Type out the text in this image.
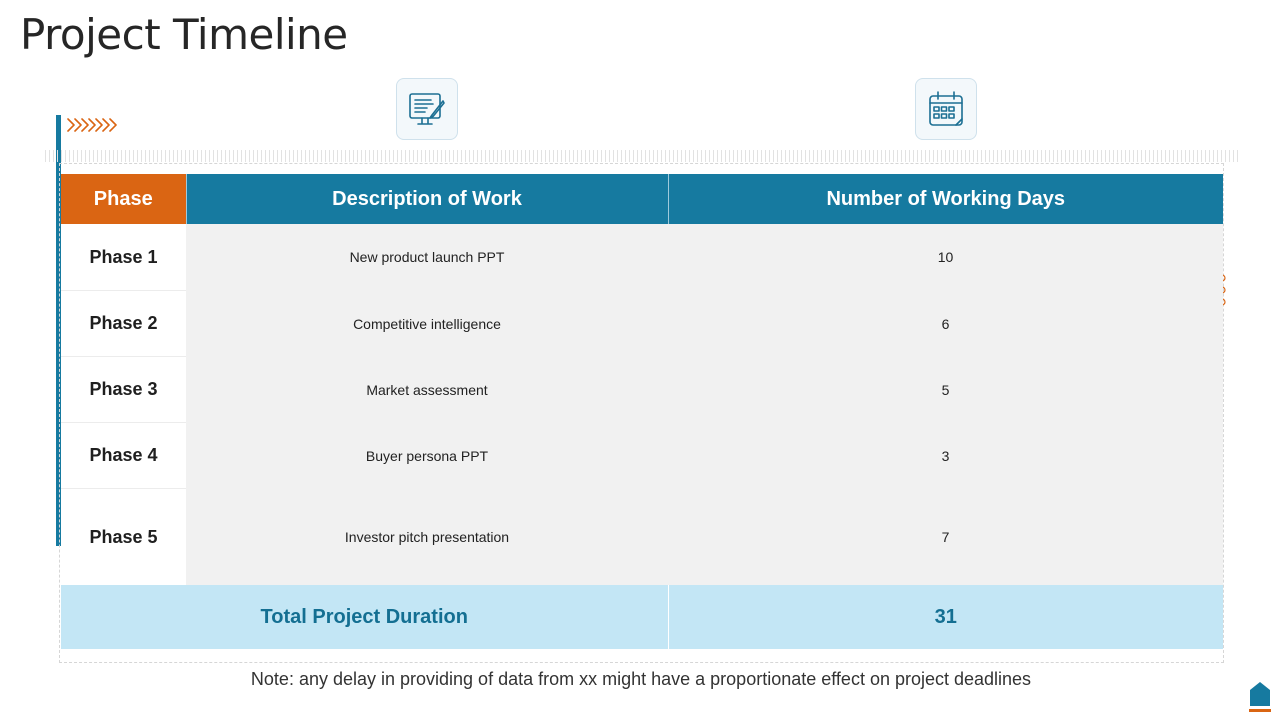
Project Timeline
Phase	Description of Work	Number of Working Days
Phase 1	New product launch PPT	10
Phase 2	Competitive intelligence	6
Phase 3	Market assessment	5
Phase 4	Buyer persona PPT	3
Phase 5	Investor pitch presentation	7
Total Project Duration		31
Note: any delay in providing of data from xx might have a proportionate effect on project deadlines
